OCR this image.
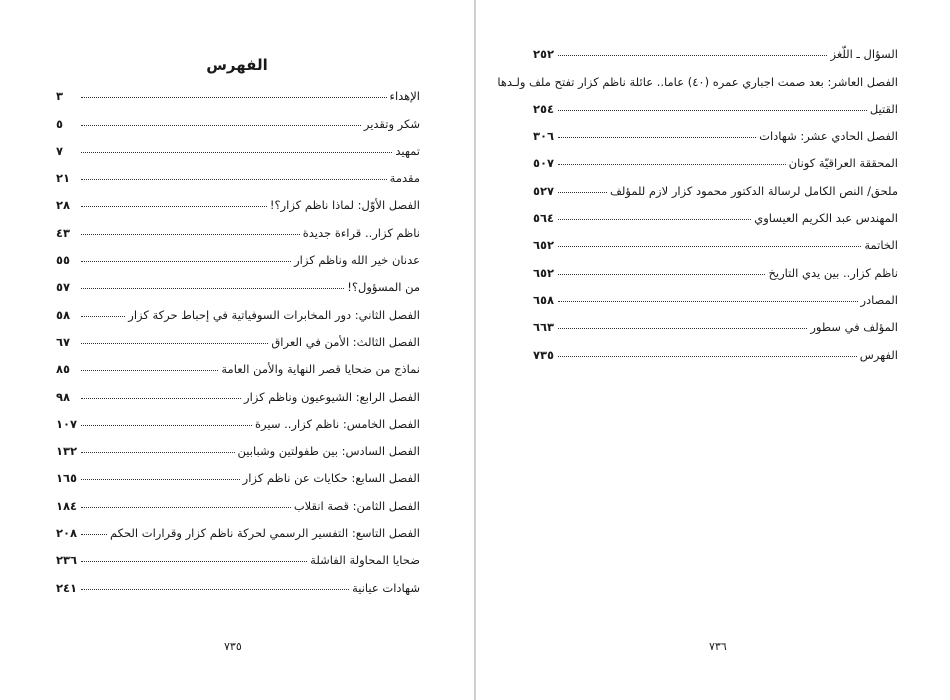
الفهرس
الإهداء
٣
شكر وتقدير
٥
تمهيد
٧
مقدمة
٢١
الفصل الأوّل: لماذا ناظم كزار؟!
٢٨
ناظم كزار.. قراءة جديدة
٤٣
عدنان خير الله وناظم كزار
٥٥
من المسؤول؟!
٥٧
الفصل الثاني: دور المخابرات السوفياتية في إحباط حركة كزار
٥٨
الفصل الثالث: الأمن في العراق
٦٧
نماذج من ضحايا قصر النهاية والأمن العامة
٨٥
الفصل الرابع: الشيوعيون وناظم كزار
٩٨
الفصل الخامس: ناظم كزار.. سيرة
١٠٧
الفصل السادس: بين طفولتين وشبابين
١٣٢
الفصل السابع: حكايات عن ناظم كزار
١٦٥
الفصل الثامن: قصة انقلاب
١٨٤
الفصل التاسع: التفسير الرسمي لحركة ناظم كزار وقرارات الحكم
٢٠٨
ضحايا المحاولة الفاشلة
٢٣٦
شهادات عيانية
٢٤١
٧٣٥
السؤال ـ اللّغز
٢٥٢
الفصل العاشر: بعد صمت اجباري عمره (٤٠) عاما.. عائلة ناظم كزار تفتح ملف ولـدها
القتيل
٢٥٤
الفصل الحادي عشر: شهادات
٣٠٦
المحققة العراقيّة كونان
٥٠٧
ملحق/ النص الكامل لرسالة الدكتور محمود كزار لازم للمؤلف
٥٢٧
المهندس عبد الكريم العيساوي
٥٦٤
الخاتمة
٦٥٢
ناظم كزار.. بين يدي التاريخ
٦٥٢
المصادر
٦٥٨
المؤلف في سطور
٦٦٣
الفهرس
٧٣٥
٧٣٦
